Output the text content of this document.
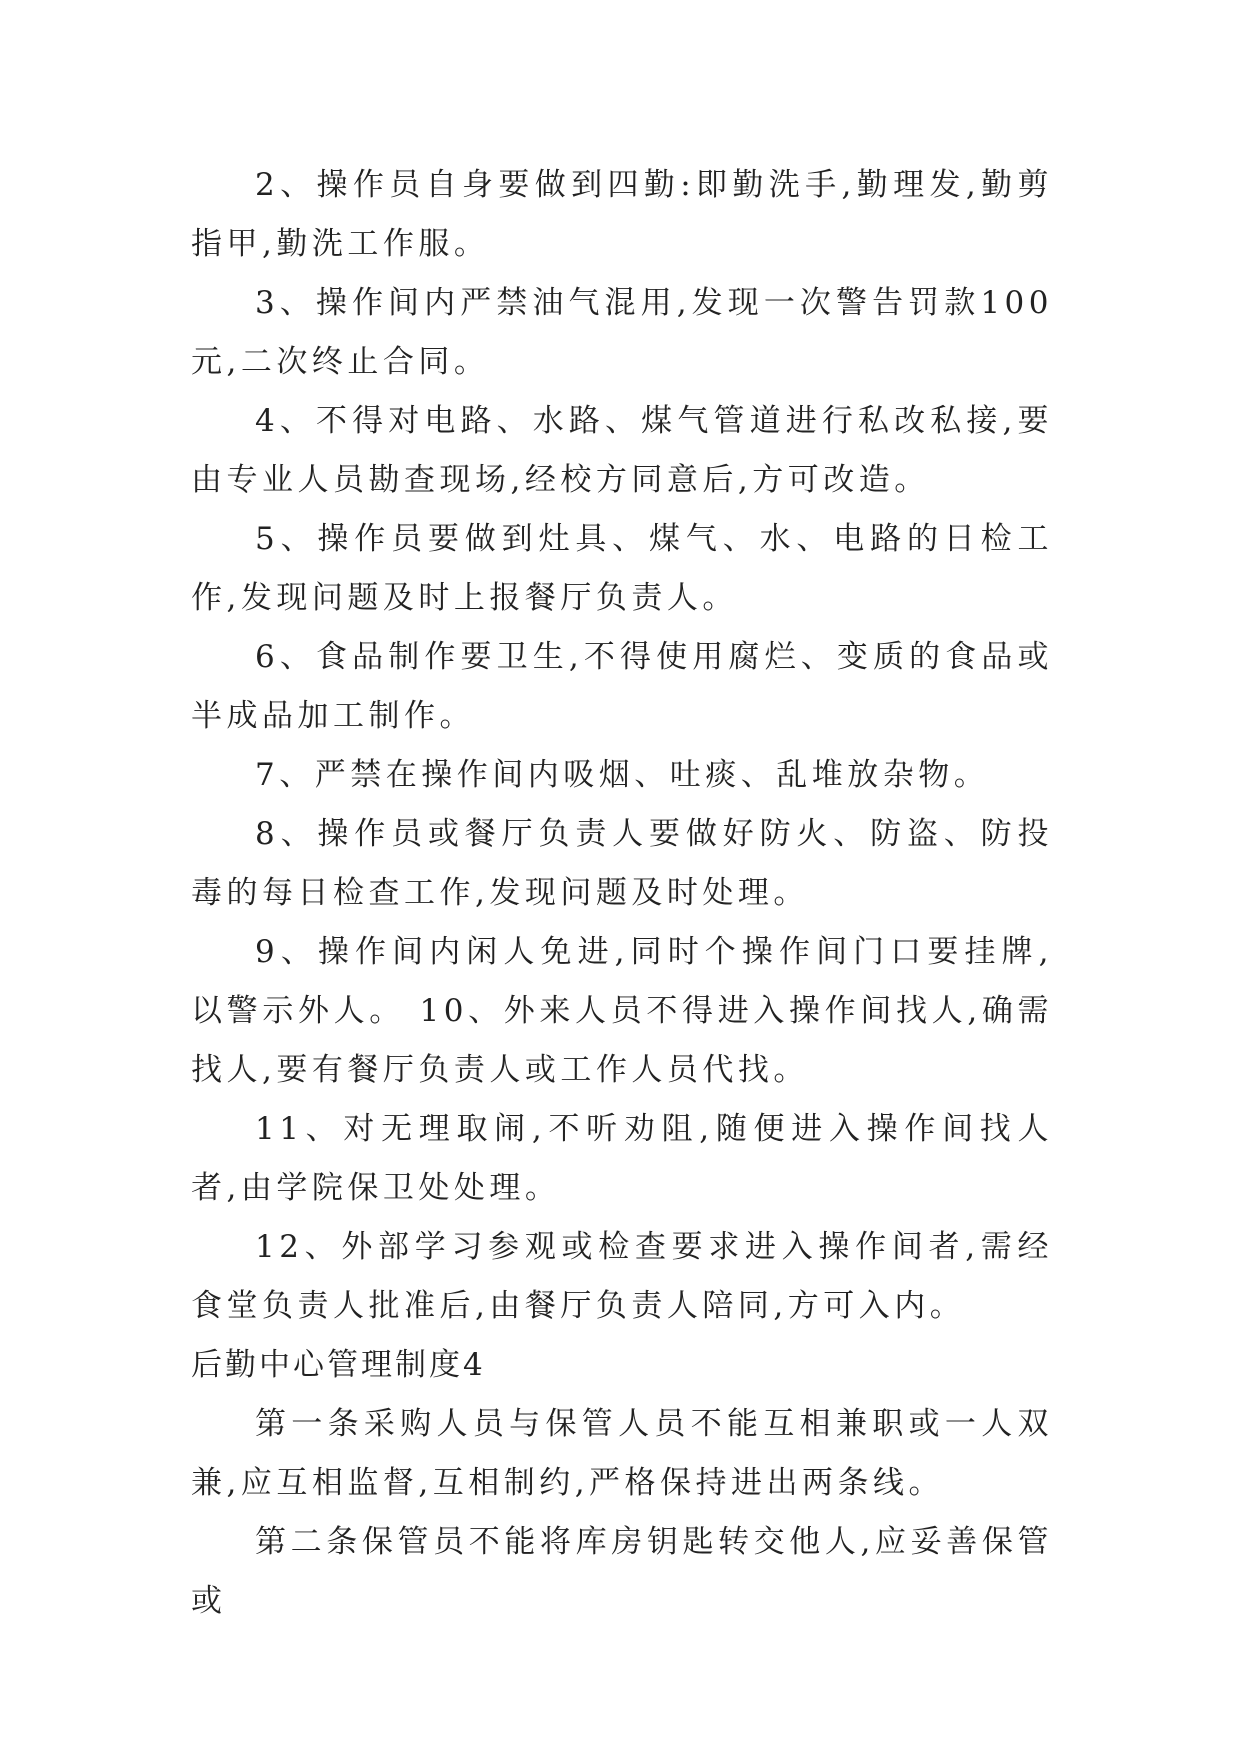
2、操作员自身要做到四勤:即勤洗手,勤理发,勤剪指甲,勤洗工作服。

3、操作间内严禁油气混用,发现一次警告罚款100元,二次终止合同。

4、不得对电路、水路、煤气管道进行私改私接,要由专业人员勘查现场,经校方同意后,方可改造。

5、操作员要做到灶具、煤气、水、电路的日检工作,发现问题及时上报餐厅负责人。

6、食品制作要卫生,不得使用腐烂、变质的食品或半成品加工制作。

7、严禁在操作间内吸烟、吐痰、乱堆放杂物。

8、操作员或餐厅负责人要做好防火、防盗、防投毒的每日检查工作,发现问题及时处理。

9、操作间内闲人免进,同时个操作间门口要挂牌,以警示外人。 10、外来人员不得进入操作间找人,确需找人,要有餐厅负责人或工作人员代找。

11、对无理取闹,不听劝阻,随便进入操作间找人者,由学院保卫处处理。

12、外部学习参观或检查要求进入操作间者,需经食堂负责人批准后,由餐厅负责人陪同,方可入内。

后勤中心管理制度4

第一条采购人员与保管人员不能互相兼职或一人双兼,应互相监督,互相制约,严格保持进出两条线。

第二条保管员不能将库房钥匙转交他人,应妥善保管或
